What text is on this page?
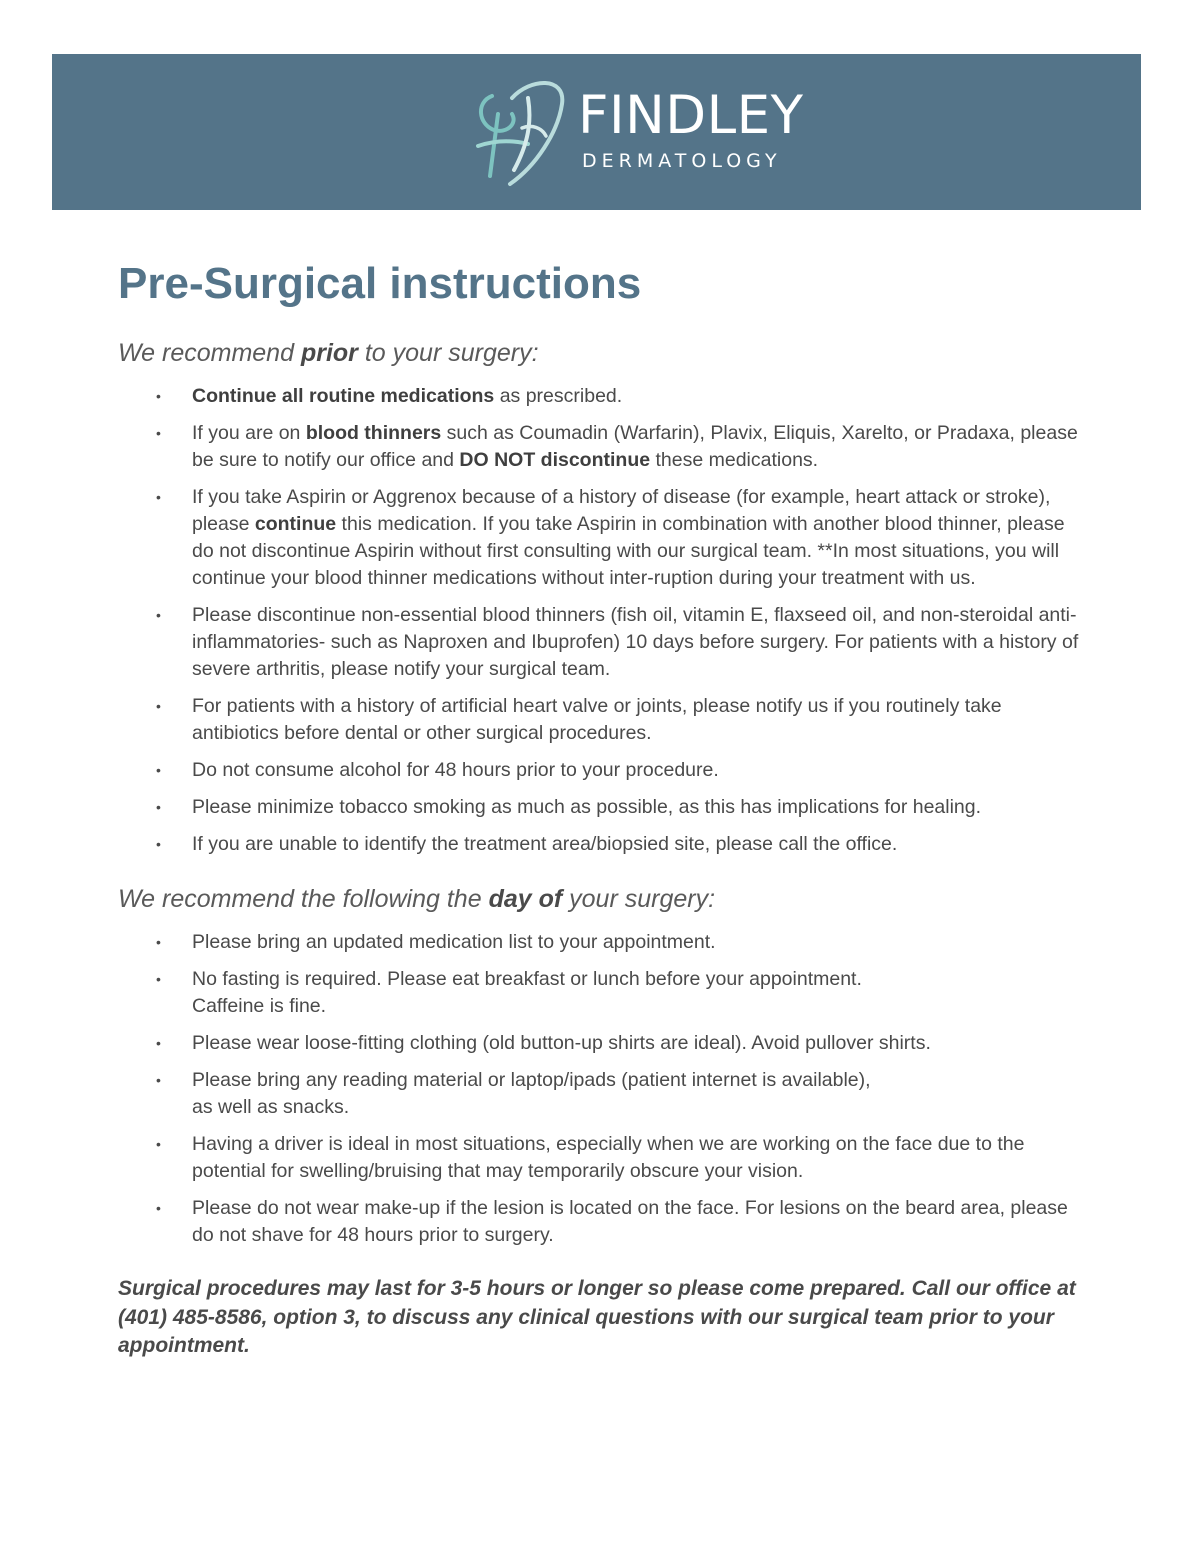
FINDLEY
DERMATOLOGY
Pre-Surgical instructions
We recommend prior to your surgery:
• Continue all routine medications as prescribed.
• If you are on blood thinners such as Coumadin (Warfarin), Plavix, Eliquis, Xarelto, or Pradaxa, please be sure to notify our office and DO NOT discontinue these medications.
• If you take Aspirin or Aggrenox because of a history of disease (for example, heart attack or stroke), please continue this medication. If you take Aspirin in combination with another blood thinner, please do not discontinue Aspirin without first consulting with our surgical team. **In most situations, you will continue your blood thinner medications without inter-ruption during your treatment with us.
• Please discontinue non-essential blood thinners (fish oil, vitamin E, flaxseed oil, and non-steroidal anti-inflammatories- such as Naproxen and Ibuprofen) 10 days before surgery. For patients with a history of severe arthritis, please notify your surgical team.
• For patients with a history of artificial heart valve or joints, please notify us if you routinely take antibiotics before dental or other surgical procedures.
• Do not consume alcohol for 48 hours prior to your procedure.
• Please minimize tobacco smoking as much as possible, as this has implications for healing.
• If you are unable to identify the treatment area/biopsied site, please call the office.
We recommend the following the day of your surgery:
• Please bring an updated medication list to your appointment.
• No fasting is required. Please eat breakfast or lunch before your appointment.
Caffeine is fine.
• Please wear loose-fitting clothing (old button-up shirts are ideal). Avoid pullover shirts.
• Please bring any reading material or laptop/ipads (patient internet is available),
as well as snacks.
• Having a driver is ideal in most situations, especially when we are working on the face due to the potential for swelling/bruising that may temporarily obscure your vision.
• Please do not wear make-up if the lesion is located on the face. For lesions on the beard area, please do not shave for 48 hours prior to surgery.

Surgical procedures may last for 3-5 hours or longer so please come prepared. Call our office at (401) 485-8586, option 3, to discuss any clinical questions with our surgical team prior to your appointment.
